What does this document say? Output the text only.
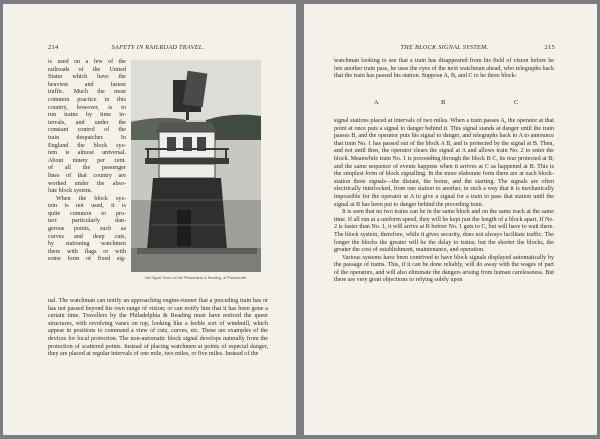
214	SAFETY IN RAILROAD TRAVEL.
is used on a few of the
railroads of the United
States which have the
heaviest and fastest
traffic. Much the most
common practice in this
country, however, is to
run trains by time in-
tervals, and under the
constant control of the
train despatcher. In
England the block sys-
tem is almost universal.
About ninety per cent.
of all the passenger
lines of that country are
worked under the abso-
lute block system.
When the block sys-
tem is not used, it is
quite common to pro-
tect particularly dan-
gerous points, such as
curves and deep cuts,
by stationing watchmen
there with flags or with
some form of fixed sig-
Old Signal Tower on the Philadelphia & Reading, at Phoenixville.

nal. The watchman can notify an approaching engine-runner that a preceding train has or has not passed beyond his own range of vision; or can notify him that it has been gone a certain time. Travellers by the Philadelphia & Reading must have noticed the queer structures, with revolving vanes on top, looking like a feeble sort of windmill, which appear in positions to command a view of cuts, curves, etc. These are examples of the devices for local protection. The non-automatic block signal develops naturally from the protection of scattered points. Instead of placing watchmen at points of especial danger, they are placed at regular intervals of one mile, two miles, or five miles. Instead of the

THE BLOCK SIGNAL SYSTEM.	215

watchman looking to see that a train has disappeared from his field of vision before he lets another train pass, he uses the eyes of the next watchman ahead, who telegraphs back that the train has passed his station. Suppose A, B, and C to be three block-

A	B	C

signal stations placed at intervals of two miles. When a train passes A, the operator at that point at once puts a signal to danger behind it. This signal stands at danger until the train passes B, and the operator puts his signal to danger, and telegraphs back to A to announce that train No. 1 has passed out of the block A B, and is protected by the signal at B. Then, and not until then, the operator clears the signal at A and allows train No. 2 to enter the block. Meanwhile train No. 1 is proceeding through the block B C, its rear protected at B; and the same sequence of events happens when it arrives at C as happened at B. This is the simplest form of block signalling. In the more elaborate form there are at each block-station three signals—the distant, the home, and the starting. The signals are often electrically interlocked, from one station to another, in such a way that it is mechanically impossible for the operator at A to give a signal for a train to pass that station until the signal at B has been put to danger behind the preceding train.

It is seen that no two trains can be in the same block and on the same track at the same time. If all run at a uniform speed, they will be kept just the length of a block apart. If No. 2 is faster than No. 1, it will arrive at B before No. 1 gets to C, but will have to wait there. The block system, therefore, while it gives security, does not always facilitate traffic. The longer the blocks the greater will be the delay to trains; but the shorter the blocks, the greater the cost of establishment, maintenance, and operation.

Various systems have been contrived to have block signals displayed automatically by the passage of trains. This, if it can be done reliably, will do away with the wages of part of the operators, and will also eliminate the dangers arising from human carelessness. But there are very great objections to relying solely upon
